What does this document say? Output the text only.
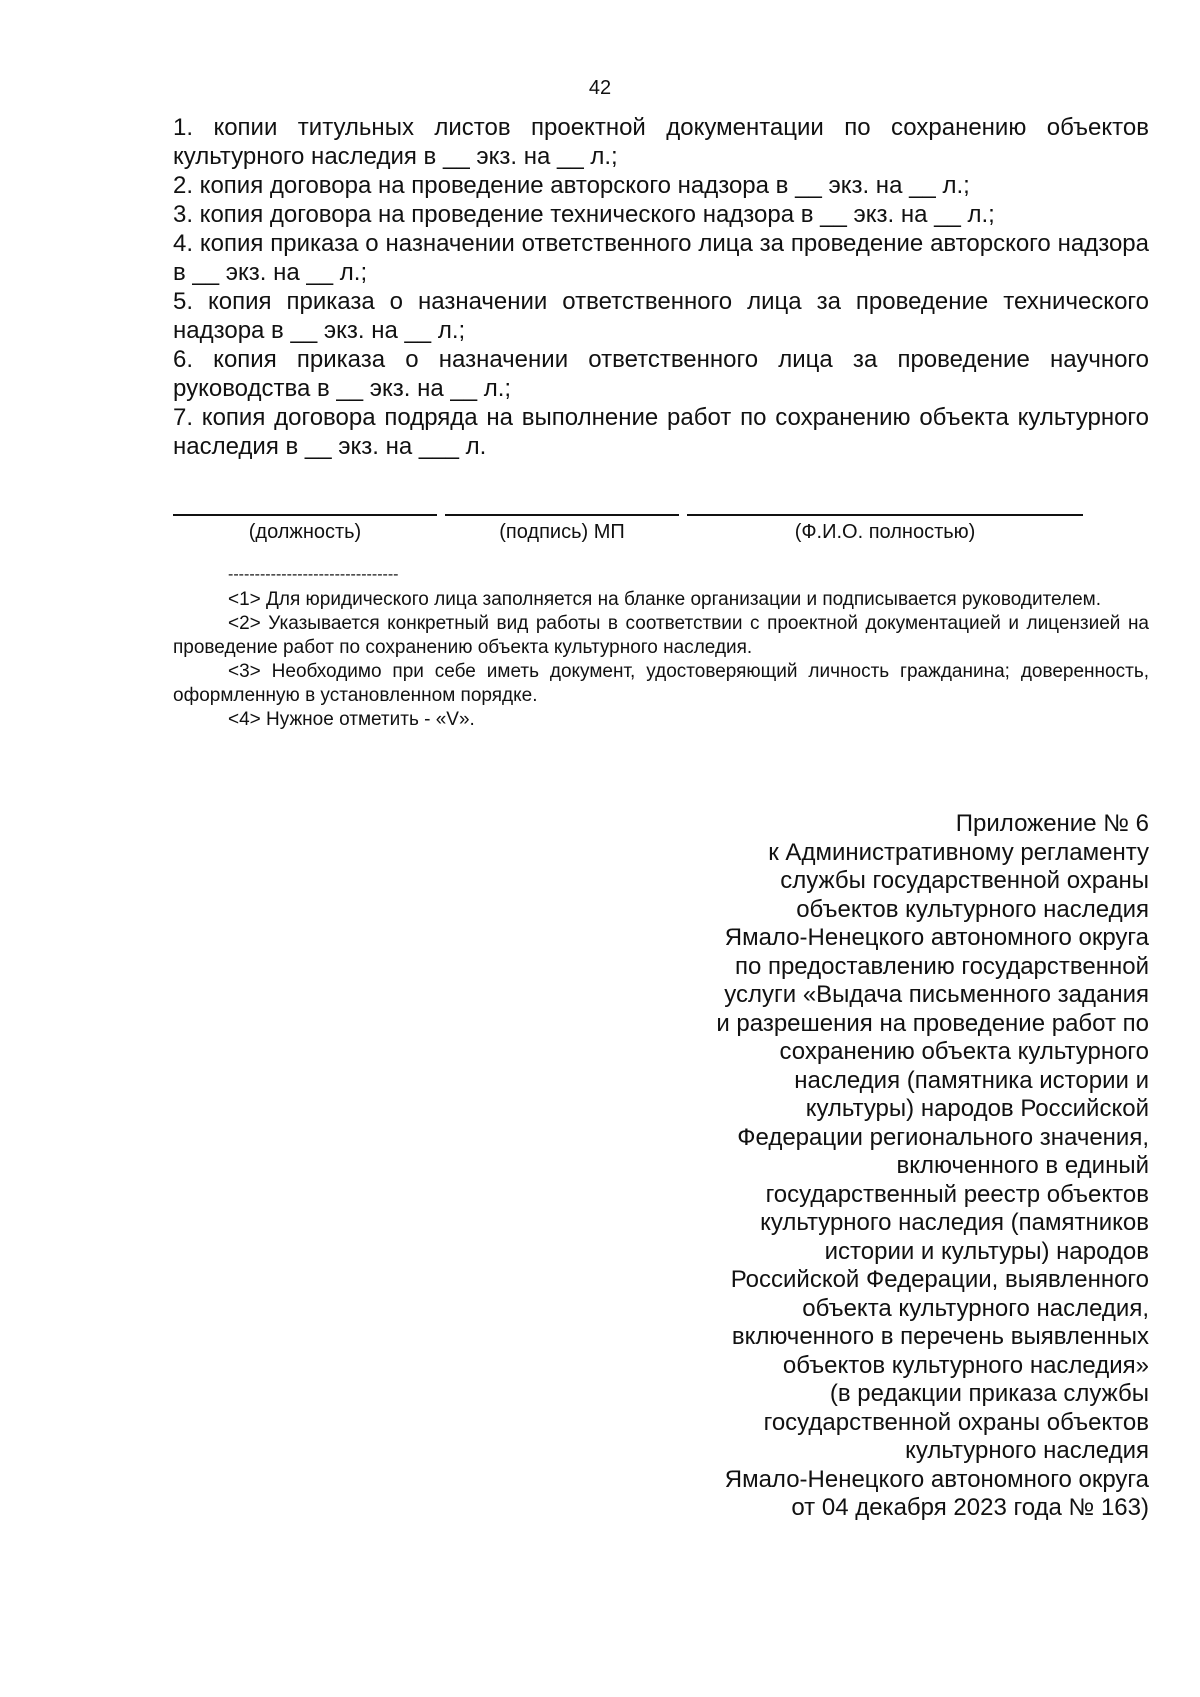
42

1. копии титульных листов проектной документации по сохранению объектов культурного наследия в __ экз. на __ л.;

2. копия договора на проведение авторского надзора в __ экз. на __ л.;

3. копия договора на проведение технического надзора в __ экз. на __ л.;

4. копия приказа о назначении ответственного лица за проведение авторского надзора в __ экз. на __ л.;

5. копия приказа о назначении ответственного лица за проведение технического надзора в __ экз. на __ л.;

6. копия приказа о назначении ответственного лица за проведение научного руководства в __ экз. на __ л.;

7. копия договора подряда на выполнение работ по сохранению объекта культурного наследия в __ экз. на ___ л.

(должность)	(подпись) МП	(Ф.И.О. полностью)
--------------------------------

<1> Для юридического лица заполняется на бланке организации и подписывается руководителем.

<2> Указывается конкретный вид работы в соответствии с проектной документацией и лицензией на проведение работ по сохранению объекта культурного наследия.

<3> Необходимо при себе иметь документ, удостоверяющий личность гражданина; доверенность, оформленную в установленном порядке.

<4> Нужное отметить - «V».

Приложение № 6
к Административному регламенту
службы государственной охраны
объектов культурного наследия
Ямало-Ненецкого автономного округа
по предоставлению государственной
услуги «Выдача письменного задания
и разрешения на проведение работ по
сохранению объекта культурного
наследия (памятника истории и
культуры) народов Российской
Федерации регионального значения,
включенного в единый
государственный реестр объектов
культурного наследия (памятников
истории и культуры) народов
Российской Федерации, выявленного
объекта культурного наследия,
включенного в перечень выявленных
объектов культурного наследия»
(в редакции приказа службы
государственной охраны объектов
культурного наследия
Ямало-Ненецкого автономного округа
от 04 декабря 2023 года № 163)
